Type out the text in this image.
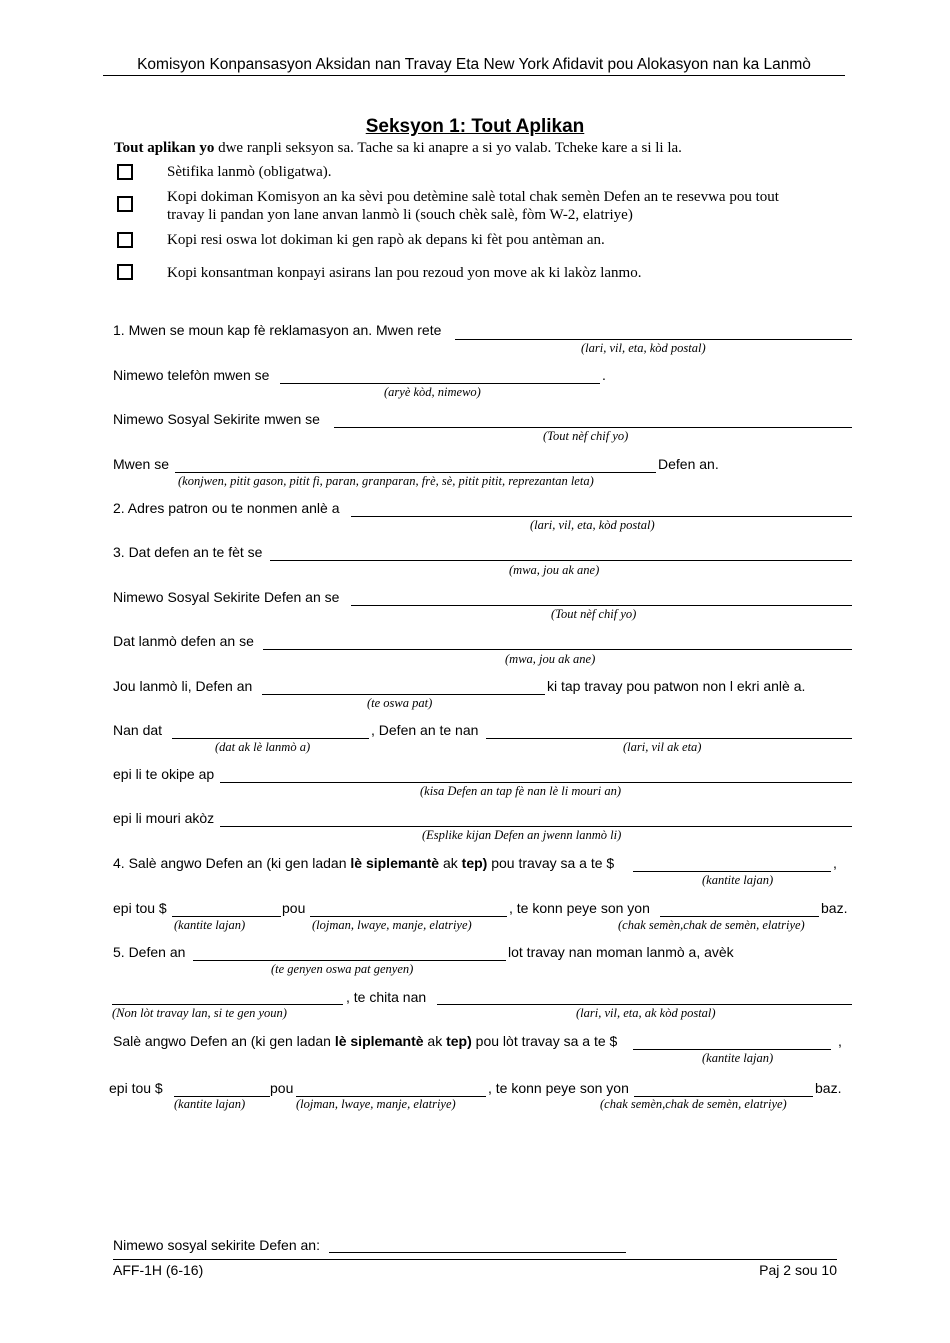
Komisyon Konpansasyon Aksidan nan Travay Eta New York Afidavit pou Alokasyon nan ka Lanmò
Seksyon 1: Tout Aplikan
Tout aplikan yo dwe ranpli seksyon sa. Tache sa ki anapre a si yo valab. Tcheke kare a si li la.
Sètifika lanmò (obligatwa).
Kopi dokiman Komisyon an ka sèvi pou detèmine salè total chak semèn Defen an te resevwa pou tout
travay li pandan yon lane anvan lanmò li (souch chèk salè, fòm W-2, elatriye)
Kopi resi oswa lot dokiman ki gen rapò ak depans ki fèt pou antèman an.
Kopi konsantman konpayi asirans lan pou rezoud yon move ak ki lakòz lanmo.
1. Mwen se moun kap fè reklamasyon an. Mwen rete
(lari, vil, eta, kòd postal)
Nimewo telefòn mwen se	.
(aryè kòd, nimewo)
Nimewo Sosyal Sekirite mwen se
(Tout nèf chif yo)
Mwen se	Defen an.
(konjwen, pitit gason, pitit fi, paran, granparan, frè, sè, pitit pitit, reprezantan leta)
2. Adres patron ou te nonmen anlè a
(lari, vil, eta, kòd postal)
3. Dat defen an te fèt se
(mwa, jou ak ane)
Nimewo Sosyal Sekirite Defen an se
(Tout nèf chif yo)
Dat lanmò defen an se
(mwa, jou ak ane)
Jou lanmò li, Defen an	ki tap travay pou patwon non l ekri anlè a.
(te oswa pat)
Nan dat
(dat ak lè lanmò a)
, Defen an te nan
(lari, vil ak eta)
epi li te okipe ap
(kisa Defen an tap fè nan lè li mouri an)
epi li mouri akòz
(Esplike kijan Defen an jwenn lanmò li)
4. Salè angwo Defen an (ki gen ladan lè siplemantè ak tep) pou travay sa a te $	,
(kantite lajan)
epi tou $
(kantite lajan)
pou
(lojman, lwaye, manje, elatriye)
, te konn peye son yon	baz.
(chak semèn,chak de semèn, elatriye)
5. Defen an	lot travay nan moman lanmò a, avèk
(te genyen oswa pat genyen)
(Non lòt travay lan, si te gen youn)
, te chita nan
(lari, vil, eta, ak kòd postal)
Salè angwo Defen an (ki gen ladan lè siplemantè ak tep) pou lòt travay sa a te $	,
(kantite lajan)
epi tou $
(kantite lajan)
pou
(lojman, lwaye, manje, elatriye)
, te konn peye son yon	baz.
(chak semèn,chak de semèn, elatriye)
Nimewo sosyal sekirite Defen an:
AFF-1H (6-16)	Paj 2 sou 10
